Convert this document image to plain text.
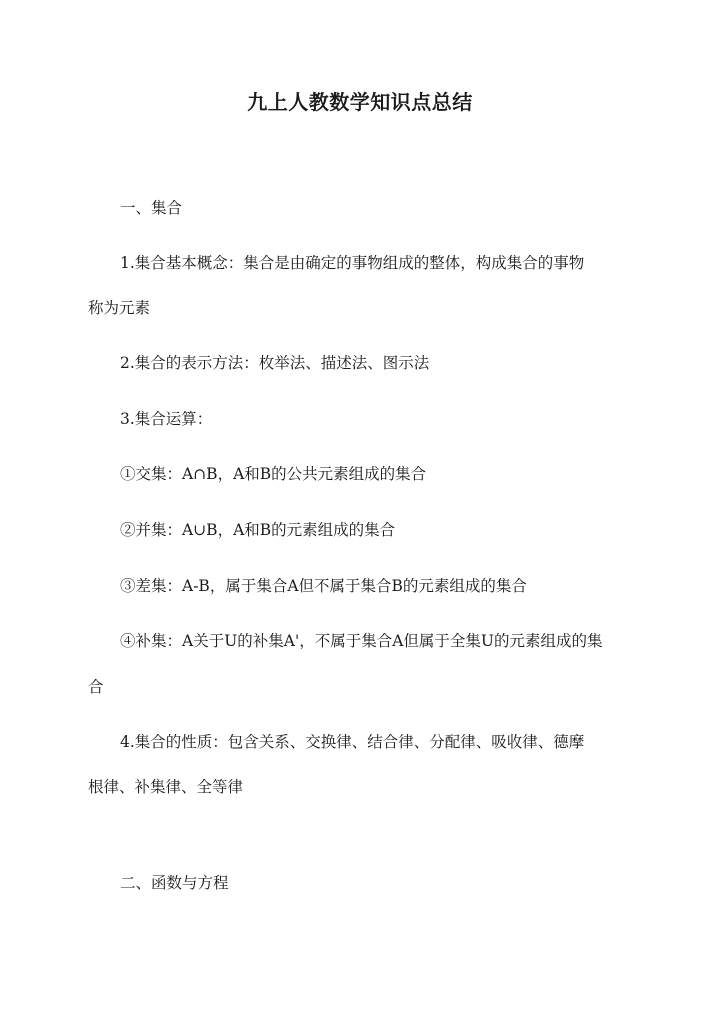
九上人教数学知识点总结
一、集合
1.集合基本概念：集合是由确定的事物组成的整体，构成集合的事物
称为元素
2.集合的表示方法：枚举法、描述法、图示法
3.集合运算：
①交集：A∩B，A和B的公共元素组成的集合
②并集：A∪B，A和B的元素组成的集合
③差集：A-B，属于集合A但不属于集合B的元素组成的集合
④补集：A关于U的补集A'，不属于集合A但属于全集U的元素组成的集
合
4.集合的性质：包含关系、交换律、结合律、分配律、吸收律、德摩
根律、补集律、全等律
二、函数与方程
